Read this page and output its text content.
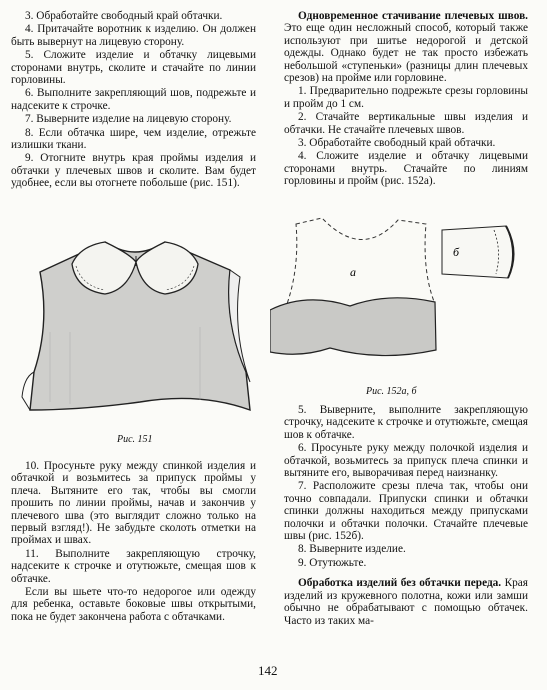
3. Обработайте свободный край обтачки.

4. Притачайте воротник к изделию. Он должен быть вывернут на лицевую сторону.

5. Сложите изделие и обтачку лицевыми сторонами внутрь, сколите и стачайте по линии горловины.

6. Выполните закрепляющий шов, подрежьте и надсеките к строчке.

7. Выверните изделие на лицевую сторону.

8. Если обтачка шире, чем изделие, отрежьте излишки ткани.

9. Отогните внутрь края проймы изделия и обтачки у плечевых швов и сколите. Вам будет удобнее, если вы отогнете побольше (рис. 151).

Рис. 151

10. Просуньте руку между спинкой изделия и обтачкой и возьмитесь за припуск проймы у плеча. Вытяните его так, чтобы вы смогли прошить по линии проймы, начав и закончив у плечевого шва (это выглядит сложно только на первый взгляд!). Не забудьте сколоть отметки на проймах и швах.

11. Выполните закрепляющую строчку, надсеките к строчке и отутюжьте, смещая шов к обтачке.

Если вы шьете что-то недорогое или одежду для ребенка, оставьте боковые швы открытыми, пока не будет закончена работа с обтачками.

Одновременное стачивание плечевых швов. Это еще один несложный способ, который также используют при шитье недорогой и детской одежды. Однако будет не так просто избежать небольшой «ступеньки» (разницы длин плечевых срезов) на пройме или горловине.

1. Предварительно подрежьте срезы горловины и пройм до 1 см.

2. Стачайте вертикальные швы изделия и обтачки. Не стачайте плечевых швов.

3. Обработайте свободный край обтачки.

4. Сложите изделие и обтачку лицевыми сторонами внутрь. Стачайте по линиям горловины и пройм (рис. 152а).

а
б
Рис. 152а, б

5. Выверните, выполните закрепляющую строчку, надсеките к строчке и отутюжьте, смещая шов к обтачке.

6. Просуньте руку между полочкой изделия и обтачкой, возьмитесь за припуск плеча спинки и вытяните его, выворачивая перед наизнанку.

7. Расположите срезы плеча так, чтобы они точно совпадали. Припуски спинки и обтачки спинки должны находиться между припусками полочки и обтачки полочки. Стачайте плечевые швы (рис. 152б).

8. Выверните изделие.

9. Отутюжьте.

Обработка изделий без обтачки переда. Края изделий из кружевного полотна, кожи или замши обычно не обрабатывают с помощью обтачек. Часто из таких ма-

142
